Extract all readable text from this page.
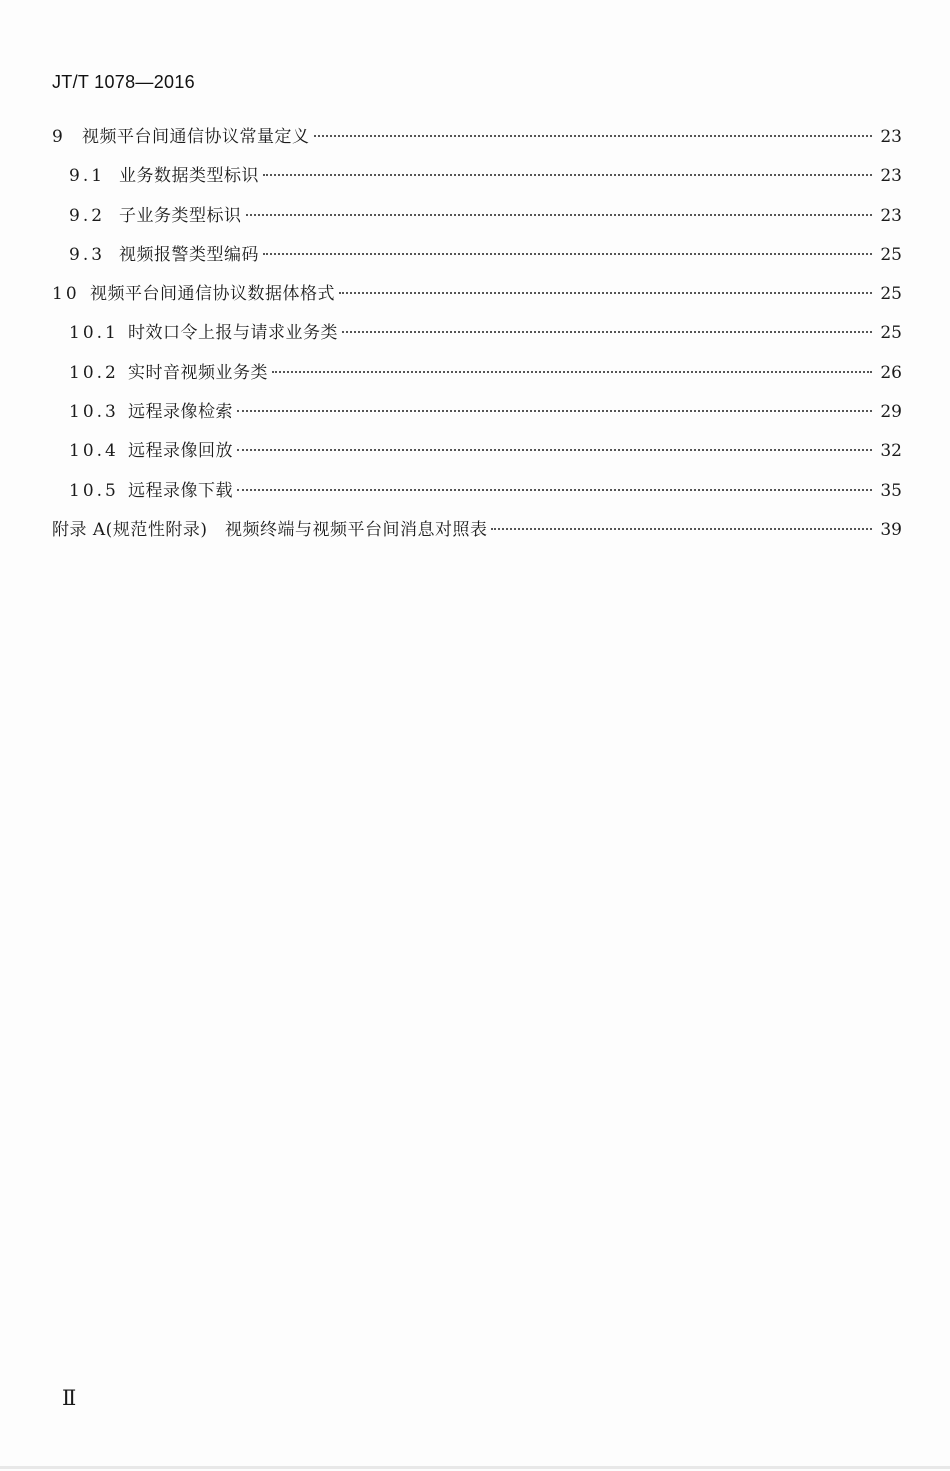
JT/T 1078—2016
9 视频平台间通信协议常量定义	23
9.1 业务数据类型标识	23
9.2 子业务类型标识	23
9.3 视频报警类型编码	25
10 视频平台间通信协议数据体格式	25
10.1 时效口令上报与请求业务类	25
10.2 实时音视频业务类	26
10.3 远程录像检索	29
10.4 远程录像回放	32
10.5 远程录像下载	35
附录 A(规范性附录)　视频终端与视频平台间消息对照表	39
Ⅱ
